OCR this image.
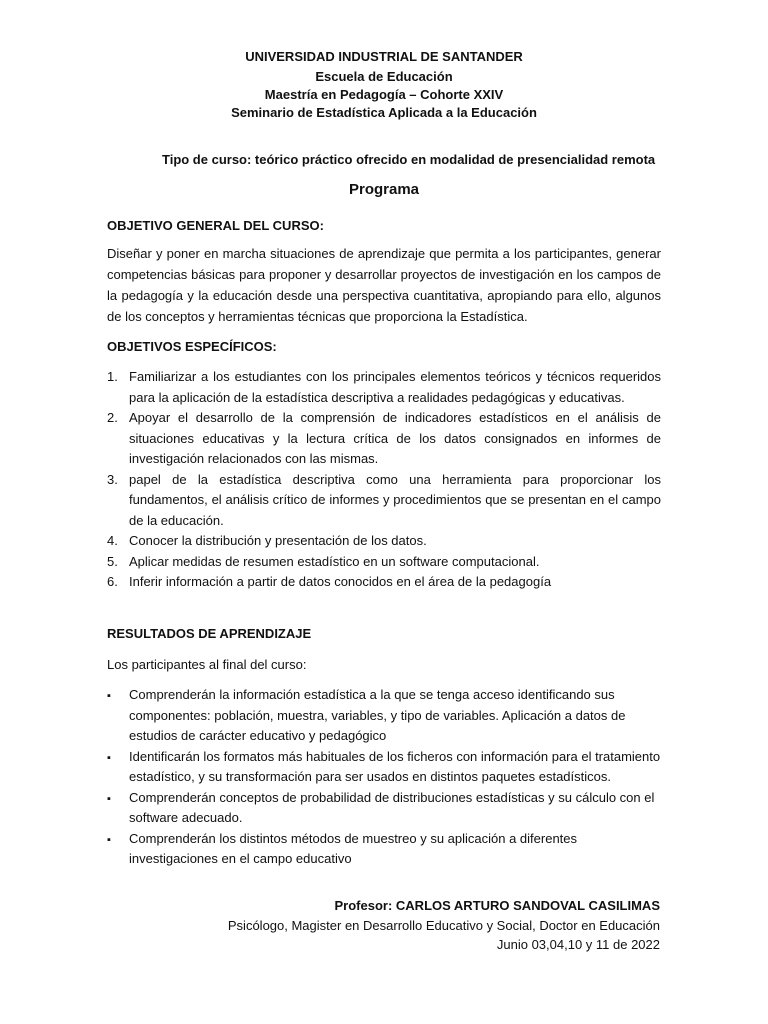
UNIVERSIDAD INDUSTRIAL DE SANTANDER
Escuela de Educación
Maestría en Pedagogía – Cohorte XXIV
Seminario de Estadística Aplicada a la Educación
Tipo de curso: teórico práctico ofrecido en modalidad de presencialidad remota
Programa
OBJETIVO GENERAL DEL CURSO:
Diseñar y poner en marcha situaciones de aprendizaje que permita a los participantes, generar competencias básicas para proponer y desarrollar proyectos de investigación en los campos de la pedagogía y la educación desde una perspectiva cuantitativa, apropiando para ello, algunos de los conceptos y herramientas técnicas que proporciona la Estadística.
OBJETIVOS ESPECÍFICOS:
1. Familiarizar a los estudiantes con los principales elementos teóricos y técnicos requeridos para la aplicación de la estadística descriptiva a realidades pedagógicas y educativas.
2. Apoyar el desarrollo de la comprensión de indicadores estadísticos en el análisis de situaciones educativas y la lectura crítica de los datos consignados en informes de investigación relacionados con las mismas.
3. papel de la estadística descriptiva como una herramienta para proporcionar los fundamentos, el análisis crítico de informes y procedimientos que se presentan en el campo de la educación.
4. Conocer la distribución y presentación de los datos.
5. Aplicar medidas de resumen estadístico en un software computacional.
6. Inferir información a partir de datos conocidos en el área de la pedagogía
RESULTADOS DE APRENDIZAJE
Los participantes al final del curso:
▪ Comprenderán la información estadística a la que se tenga acceso identificando sus componentes: población, muestra, variables, y tipo de variables. Aplicación a datos de estudios de carácter educativo y pedagógico
▪ Identificarán los formatos más habituales de los ficheros con información para el tratamiento estadístico, y su transformación para ser usados en distintos paquetes estadísticos.
▪ Comprenderán conceptos de probabilidad de distribuciones estadísticas y su cálculo con el software adecuado.
▪ Comprenderán los distintos métodos de muestreo y su aplicación a diferentes investigaciones en el campo educativo
Profesor: CARLOS ARTURO SANDOVAL CASILIMAS
Psicólogo, Magister en Desarrollo Educativo y Social, Doctor en Educación
Junio 03,04,10 y 11 de 2022
